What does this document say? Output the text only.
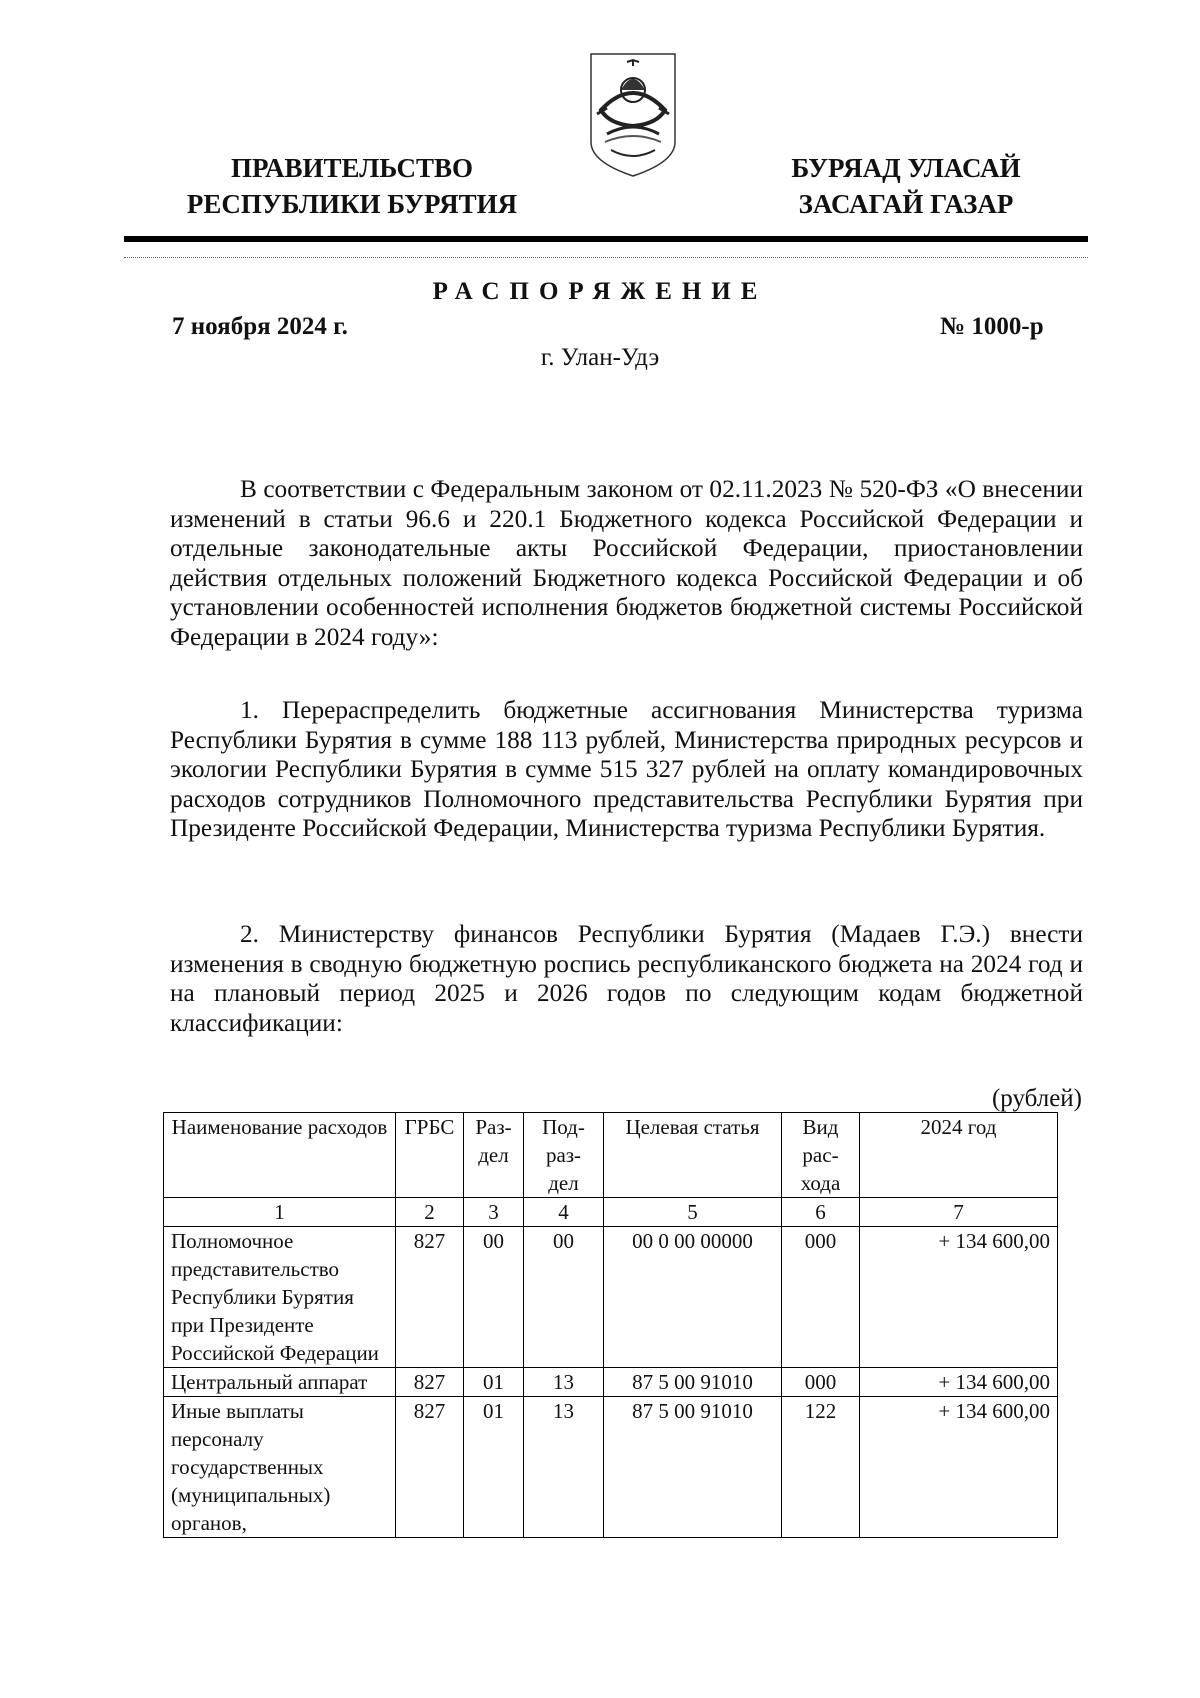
ПРАВИТЕЛЬСТВО
РЕСПУБЛИКИ БУРЯТИЯ
БУРЯАД УЛАСАЙ
ЗАСАГАЙ ГАЗАР
РАСПОРЯЖЕНИЕ
7 ноября 2024 г.	№ 1000-р
г. Улан-Удэ

В соответствии с Федеральным законом от 02.11.2023 № 520-ФЗ «О внесении изменений в статьи 96.6 и 220.1 Бюджетного кодекса Российской Федерации и отдельные законодательные акты Российской Федерации, приостановлении действия отдельных положений Бюджетного кодекса Российской Федерации и об установлении особенностей исполнения бюджетов бюджетной системы Российской Федерации в 2024 году»:

1. Перераспределить бюджетные ассигнования Министерства туризма Республики Бурятия в сумме 188 113 рублей, Министерства природных ресурсов и экологии Республики Бурятия в сумме 515 327 рублей на оплату командировочных расходов сотрудников Полномочного представительства Республики Бурятия при Президенте Российской Федерации, Министерства туризма Республики Бурятия.

2. Министерству финансов Республики Бурятия (Мадаев Г.Э.) внести изменения в сводную бюджетную роспись республиканского бюджета на 2024 год и на плановый период 2025 и 2026 годов по следующим кодам бюджетной классификации:

(рублей)
Наименование расходов	ГРБС	Раз-дел	Под-раз-дел	Целевая статья	Вид рас-хода	2024 год
1	2	3	4	5	6	7
Полномочное представительство Республики Бурятия при Президенте Российской Федерации	827	00	00	00 0 00 00000	000	+ 134 600,00
Центральный аппарат	827	01	13	87 5 00 91010	000	+ 134 600,00
Иные выплаты персоналу государственных (муниципальных) органов,	827	01	13	87 5 00 91010	122	+ 134 600,00
